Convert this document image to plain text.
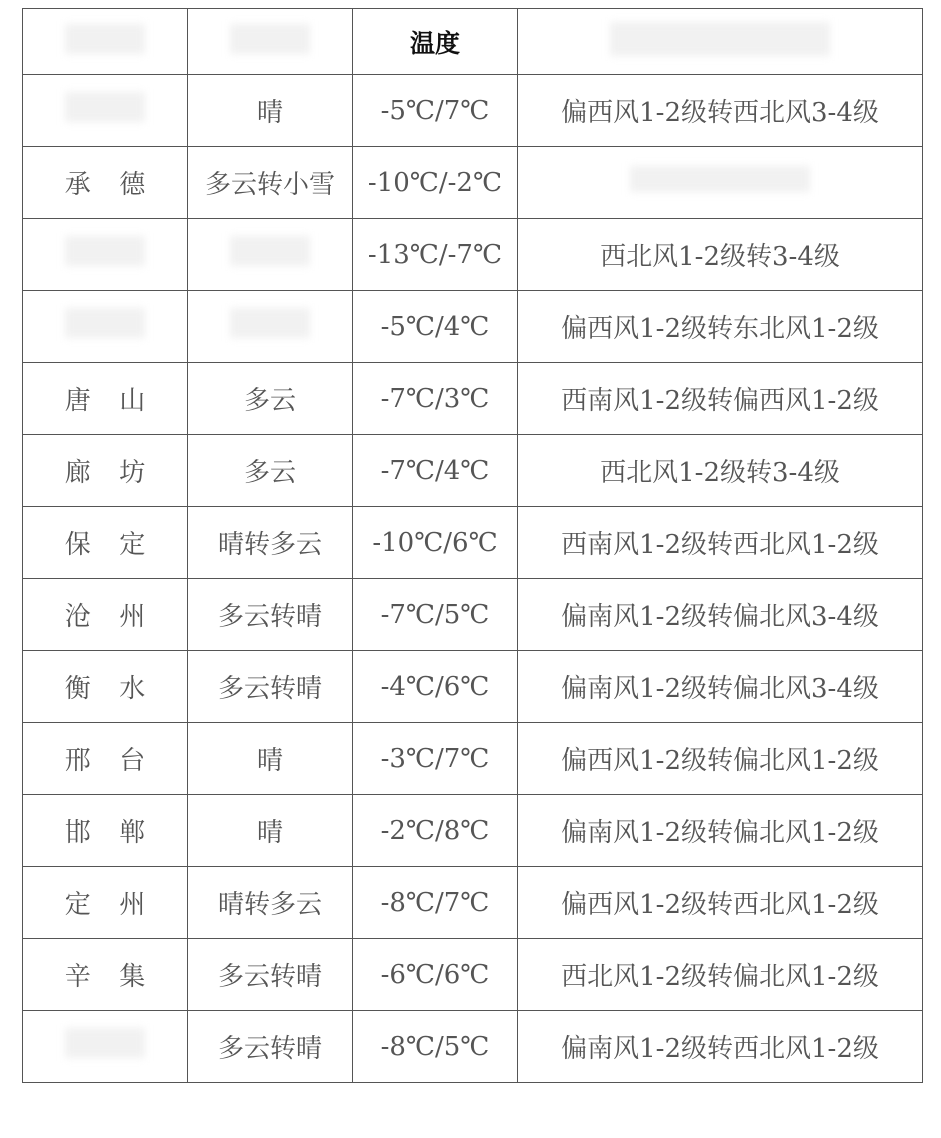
		温度	
	晴	-5℃/7℃	偏西风1-2级转西北风3-4级
承德	多云转小雪	-10℃/-2℃	
		-13℃/-7℃	西北风1-2级转3-4级
		-5℃/4℃	偏西风1-2级转东北风1-2级
唐山	多云	-7℃/3℃	西南风1-2级转偏西风1-2级
廊坊	多云	-7℃/4℃	西北风1-2级转3-4级
保定	晴转多云	-10℃/6℃	西南风1-2级转西北风1-2级
沧州	多云转晴	-7℃/5℃	偏南风1-2级转偏北风3-4级
衡水	多云转晴	-4℃/6℃	偏南风1-2级转偏北风3-4级
邢台	晴	-3℃/7℃	偏西风1-2级转偏北风1-2级
邯郸	晴	-2℃/8℃	偏南风1-2级转偏北风1-2级
定州	晴转多云	-8℃/7℃	偏西风1-2级转西北风1-2级
辛集	多云转晴	-6℃/6℃	西北风1-2级转偏北风1-2级
	多云转晴	-8℃/5℃	偏南风1-2级转西北风1-2级
